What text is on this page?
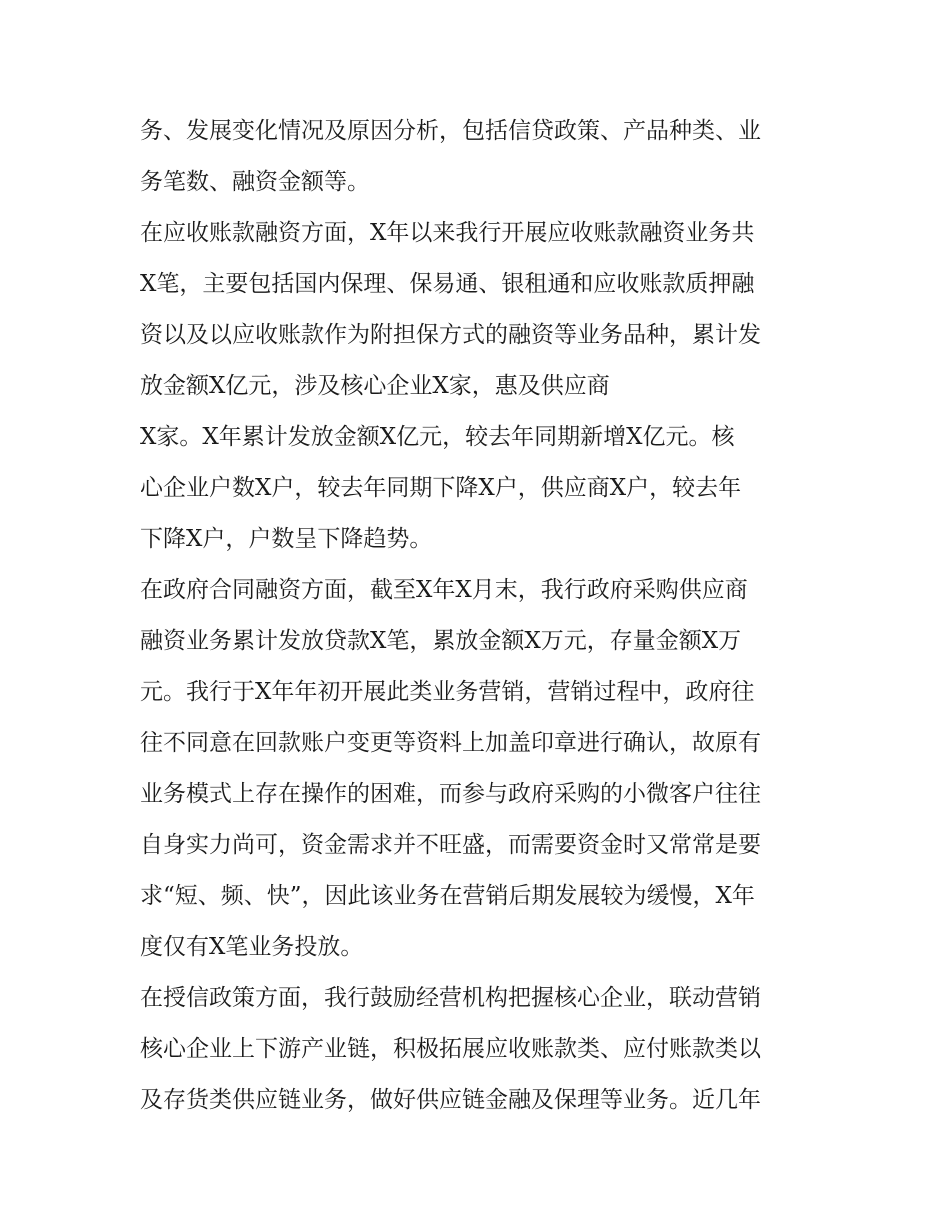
务、发展变化情况及原因分析，包括信贷政策、产品种类、业
务笔数、融资金额等。
在应收账款融资方面，X年以来我行开展应收账款融资业务共
X笔，主要包括国内保理、保易通、银租通和应收账款质押融
资以及以应收账款作为附担保方式的融资等业务品种，累计发
放金额X亿元，涉及核心企业X家，惠及供应商
X家。X年累计发放金额X亿元，较去年同期新增X亿元。核
心企业户数X户，较去年同期下降X户，供应商X户，较去年
下降X户，户数呈下降趋势。
在政府合同融资方面，截至X年X月末，我行政府采购供应商
融资业务累计发放贷款X笔，累放金额X万元，存量金额X万
元。我行于X年年初开展此类业务营销，营销过程中，政府往
往不同意在回款账户变更等资料上加盖印章进行确认，故原有
业务模式上存在操作的困难，而参与政府采购的小微客户往往
自身实力尚可，资金需求并不旺盛，而需要资金时又常常是要
求“短、频、快”，因此该业务在营销后期发展较为缓慢，X年
度仅有X笔业务投放。
在授信政策方面，我行鼓励经营机构把握核心企业，联动营销
核心企业上下游产业链，积极拓展应收账款类、应付账款类以
及存货类供应链业务，做好供应链金融及保理等业务。近几年
